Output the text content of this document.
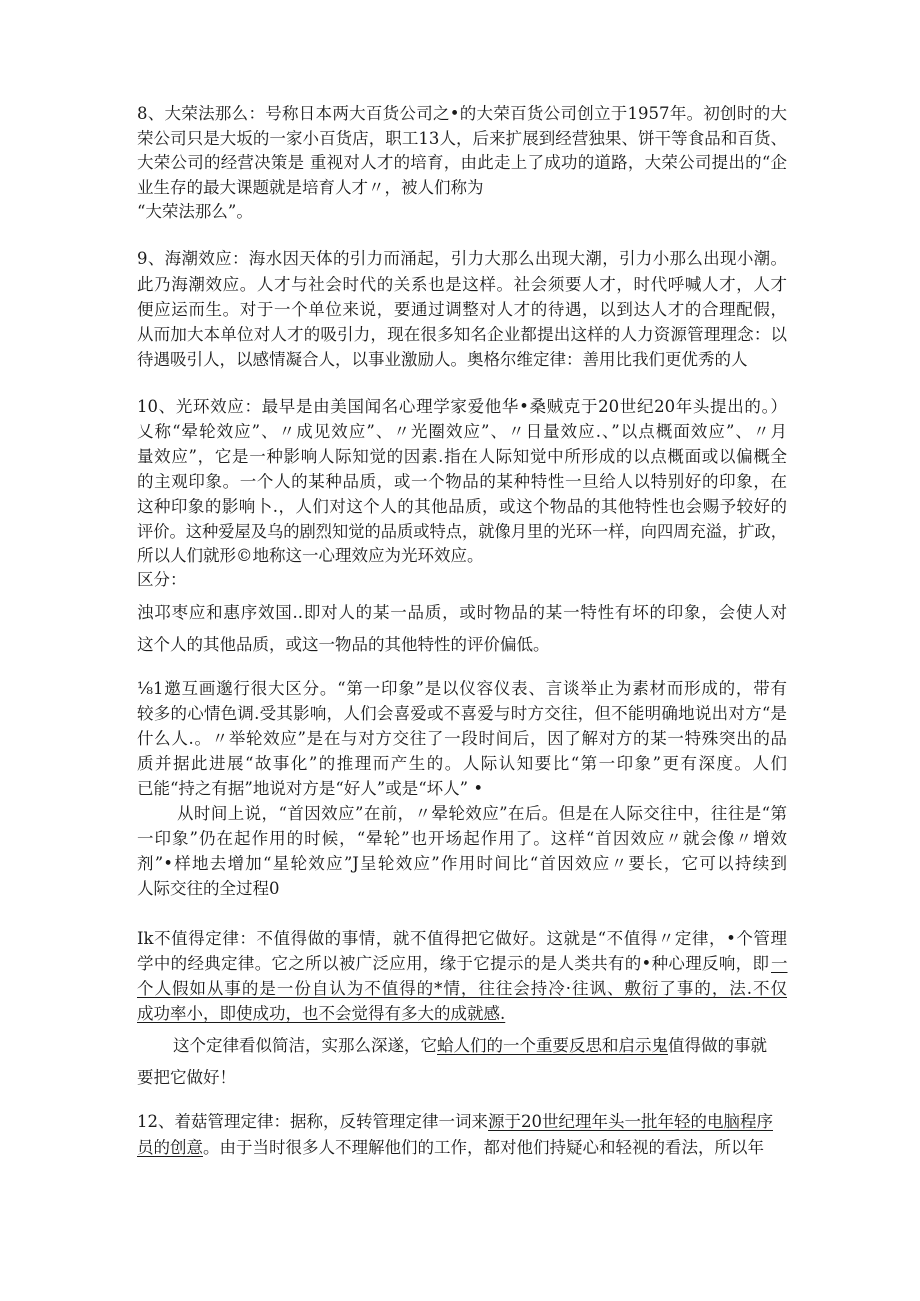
8、大荣法那么：号称日本两大百货公司之•的大荣百货公司创立于1957年。初创时的大
荣公司只是大坂的一家小百货店，职工13人，后来扩展到经营独果、饼干等食品和百货、
大荣公司的经营决策是 重视对人才的培育，由此走上了成功的道路，大荣公司提出的“企
业生存的最大课题就是培育人才〃，被人们称为
“大荣法那么”。
9、海潮效应：海水因天体的引力而涌起，引力大那么出现大潮，引力小那么出现小潮。
此乃海潮效应。人才与社会时代的关系也是这样。社会须要人才，时代呼喊人才，人才
便应运而生。对于一个单位来说，要通过调整对人才的待遇，以到达人才的合理配假，
从而加大本单位对人才的吸引力，现在很多知名企业都提出这样的人力资源管理理念：以
待遇吸引人，以感情凝合人，以事业激励人。奥格尔维定律：善用比我们更优秀的人
10、光环效应：最早是由美国闻名心理学家爱他华•桑贼克于20世纪20年头提出的。）
乂称“晕轮效应”、〃成见效应”、〃光圈效应”、〃日量效应.、”以点概面效应”、〃月
量效应”，它是一种影响人际知觉的因素.指在人际知觉中所形成的以点概面或以偏概全
的主观印象。一个人的某种品质，或一个物品的某种特性一旦给人以特别好的印象，在
这种印象的影响卜.，人们对这个人的其他品质，或这个物品的其他特性也会赐予较好的
评价。这种爱屋及乌的剧烈知觉的品质或特点，就像月里的光环一样，向四周充溢，扩政，
所以人们就形©地称这一心理效应为光环效应。
区分：
浊邛枣应和惠序效国..即对人的某一品质，或时物品的某一特性有坏的印象，会使人对
这个人的其他品质，或这一物品的其他特性的评价偏低。
⅛1邀互画邈行很大区分。“第一印象”是以仪容仪表、言谈举止为素材而形成的，带有
较多的心情色调.受其影响，人们会喜爱或不喜爱与时方交往，但不能明确地说出对方“是
什么人.。〃举轮效应”是在与对方交往了一段时间后，因了解对方的某一特殊突出的品
质并据此进展“故事化”的推理而产生的。人际认知要比“第一印象”更有深度。人们
已能“持之有据”地说对方是“好人”或是“坏人” •
从时间上说，“首因效应”在前，〃晕轮效应”在后。但是在人际交往中，往往是“第
一印象”仍在起作用的时候，“晕轮”也开场起作用了。这样“首因效应〃就会像〃增效
剂”•样地去增加“星轮效应”J呈轮效应”作用时间比“首因效应〃要长，它可以持续到
人际交往的全过程0
Ik不值得定律：不值得做的事情，就不值得把它做好。这就是“不值得〃定律，•个管理
学中的经典定律。它之所以被广泛应用，缘于它提示的是人类共有的•种心理反响，即 一
个人假如从事的是一份自认为不值得的*情，往往会持冷·往讽、敷衍了事的，法.不仅
成功率小，即使成功，也不会觉得有多大的成就感.
这个定律看似简洁，实那么深遂，它蛤人们的一个重要反思和启示鬼值得做的事就
要把它做好！
12、着菇管理定律：据称，反转管理定律一词来源于20世纪理年头一批年轻的电脑程序
员的创意。由于当时很多人不理解他们的工作，都对他们持疑心和轻视的看法，所以年
